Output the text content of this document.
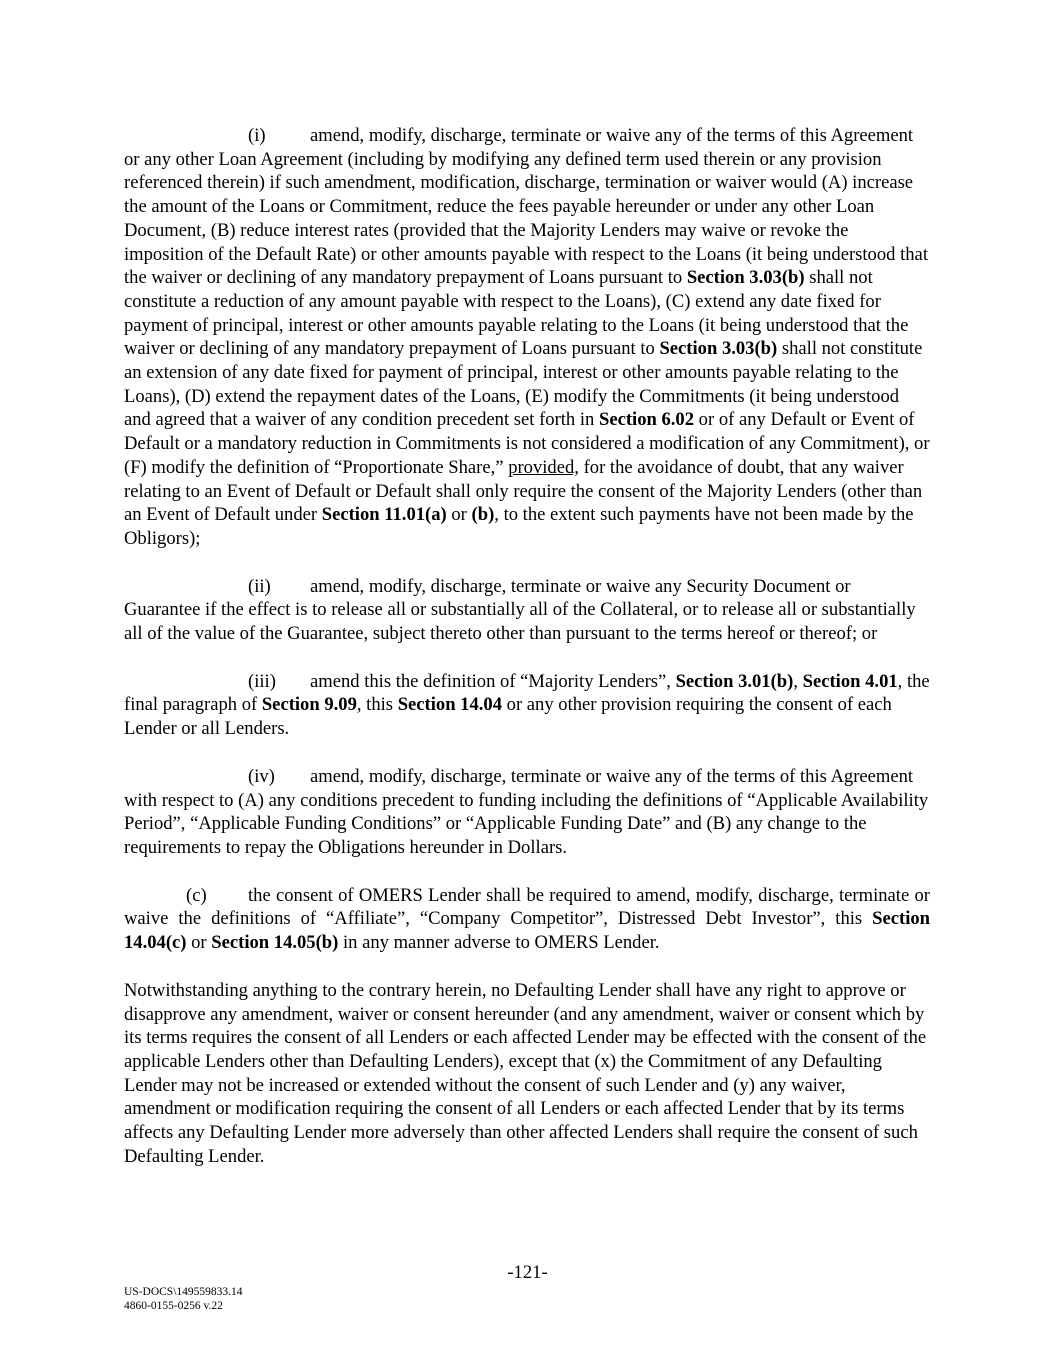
(i) amend, modify, discharge, terminate or waive any of the terms of this Agreement or any other Loan Agreement (including by modifying any defined term used therein or any provision referenced therein) if such amendment, modification, discharge, termination or waiver would (A) increase the amount of the Loans or Commitment, reduce the fees payable hereunder or under any other Loan Document, (B) reduce interest rates (provided that the Majority Lenders may waive or revoke the imposition of the Default Rate) or other amounts payable with respect to the Loans (it being understood that the waiver or declining of any mandatory prepayment of Loans pursuant to Section 3.03(b) shall not constitute a reduction of any amount payable with respect to the Loans), (C) extend any date fixed for payment of principal, interest or other amounts payable relating to the Loans (it being understood that the waiver or declining of any mandatory prepayment of Loans pursuant to Section 3.03(b) shall not constitute an extension of any date fixed for payment of principal, interest or other amounts payable relating to the Loans), (D) extend the repayment dates of the Loans, (E) modify the Commitments (it being understood and agreed that a waiver of any condition precedent set forth in Section 6.02 or of any Default or Event of Default or a mandatory reduction in Commitments is not considered a modification of any Commitment), or (F) modify the definition of “Proportionate Share,” provided, for the avoidance of doubt, that any waiver relating to an Event of Default or Default shall only require the consent of the Majority Lenders (other than an Event of Default under Section 11.01(a) or (b), to the extent such payments have not been made by the Obligors);

(ii) amend, modify, discharge, terminate or waive any Security Document or Guarantee if the effect is to release all or substantially all of the Collateral, or to release all or substantially all of the value of the Guarantee, subject thereto other than pursuant to the terms hereof or thereof; or

(iii) amend this the definition of “Majority Lenders”, Section 3.01(b), Section 4.01, the final paragraph of Section 9.09, this Section 14.04 or any other provision requiring the consent of each Lender or all Lenders.

(iv) amend, modify, discharge, terminate or waive any of the terms of this Agreement with respect to (A) any conditions precedent to funding including the definitions of “Applicable Availability Period”, “Applicable Funding Conditions” or “Applicable Funding Date” and (B) any change to the requirements to repay the Obligations hereunder in Dollars.

(c) the consent of OMERS Lender shall be required to amend, modify, discharge, terminate or waive the definitions of “Affiliate”, “Company Competitor”, Distressed Debt Investor”, this Section 14.04(c) or Section 14.05(b) in any manner adverse to OMERS Lender.

Notwithstanding anything to the contrary herein, no Defaulting Lender shall have any right to approve or disapprove any amendment, waiver or consent hereunder (and any amendment, waiver or consent which by its terms requires the consent of all Lenders or each affected Lender may be effected with the consent of the applicable Lenders other than Defaulting Lenders), except that (x) the Commitment of any Defaulting Lender may not be increased or extended without the consent of such Lender and (y) any waiver, amendment or modification requiring the consent of all Lenders or each affected Lender that by its terms affects any Defaulting Lender more adversely than other affected Lenders shall require the consent of such Defaulting Lender.

-121-
US-DOCS\149559833.14
4860-0155-0256 v.22
